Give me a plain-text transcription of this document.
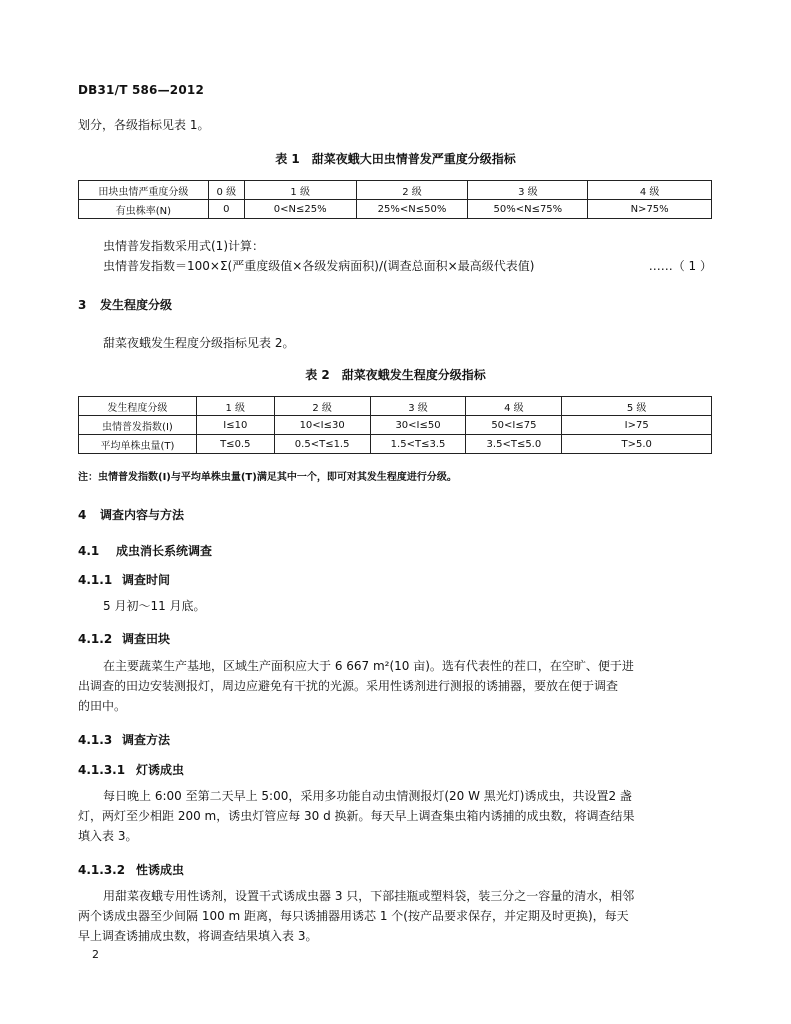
DB31/T 586—2012
划分，各级指标见表 1。
表 1　甜菜夜蛾大田虫情普发严重度分级指标
田块虫情严重度分级	0 级	1 级	2 级	3 级	4 级
有虫株率(N)	0	0<N≤25%	25%<N≤50%	50%<N≤75%	N>75%
虫情普发指数采用式(1)计算：
虫情普发指数＝100×Σ(严重度级值×各级发病面积)/(调查总面积×最高级代表值)	……（ 1 ）
3 发生程度分级
甜菜夜蛾发生程度分级指标见表 2。
表 2　甜菜夜蛾发生程度分级指标
发生程度分级	1 级	2 级	3 级	4 级	5 级
虫情普发指数(I)	I≤10	10<I≤30	30<I≤50	50<I≤75	I>75
平均单株虫量(T)	T≤0.5	0.5<T≤1.5	1.5<T≤3.5	3.5<T≤5.0	T>5.0
注：虫情普发指数(I)与平均单株虫量(T)满足其中一个，即可对其发生程度进行分级。
4 调查内容与方法
4.1 成虫消长系统调查
4.1.1 调查时间
5 月初～11 月底。
4.1.2 调查田块
在主要蔬菜生产基地，区域生产面积应大于 6 667 m²(10 亩)。选有代表性的茬口，在空旷、便于进
出调查的田边安装测报灯，周边应避免有干扰的光源。采用性诱剂进行测报的诱捕器，要放在便于调查
的田中。
4.1.3 调查方法
4.1.3.1 灯诱成虫
每日晚上 6:00 至第二天早上 5:00，采用多功能自动虫情测报灯(20 W 黑光灯)诱成虫，共设置2 盏
灯，两灯至少相距 200 m，诱虫灯管应每 30 d 换新。每天早上调查集虫箱内诱捕的成虫数，将调查结果
填入表 3。
4.1.3.2 性诱成虫
用甜菜夜蛾专用性诱剂，设置干式诱成虫器 3 只，下部挂瓶或塑料袋，装三分之一容量的清水，相邻
两个诱成虫器至少间隔 100 m 距离，每只诱捕器用诱芯 1 个(按产品要求保存，并定期及时更换)，每天
早上调查诱捕成虫数，将调查结果填入表 3。
2
